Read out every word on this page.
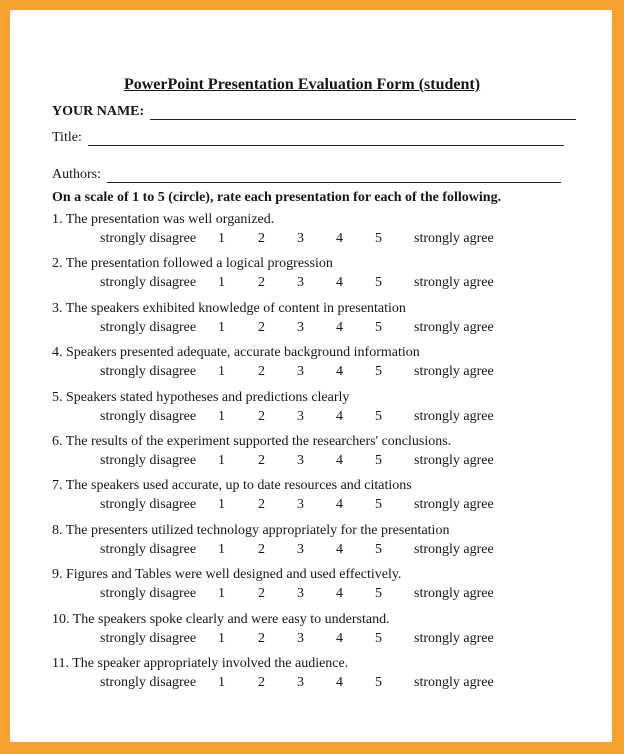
PowerPoint Presentation Evaluation Form (student)
YOUR NAME:
Title:
Authors:
On a scale of 1 to 5 (circle), rate each presentation for each of the following.
1. The presentation was well organized.
strongly disagree 1 2 3 4 5 strongly agree
2. The presentation followed a logical progression
strongly disagree 1 2 3 4 5 strongly agree
3. The speakers exhibited knowledge of content in presentation
strongly disagree 1 2 3 4 5 strongly agree
4. Speakers presented adequate, accurate background information
strongly disagree 1 2 3 4 5 strongly agree
5. Speakers stated hypotheses and predictions clearly
strongly disagree 1 2 3 4 5 strongly agree
6. The results of the experiment supported the researchers' conclusions.
strongly disagree 1 2 3 4 5 strongly agree
7. The speakers used accurate, up to date resources and citations
strongly disagree 1 2 3 4 5 strongly agree
8. The presenters utilized technology appropriately for the presentation
strongly disagree 1 2 3 4 5 strongly agree
9. Figures and Tables were well designed and used effectively.
strongly disagree 1 2 3 4 5 strongly agree
10. The speakers spoke clearly and were easy to understand.
strongly disagree 1 2 3 4 5 strongly agree
11. The speaker appropriately involved the audience.
strongly disagree 1 2 3 4 5 strongly agree
